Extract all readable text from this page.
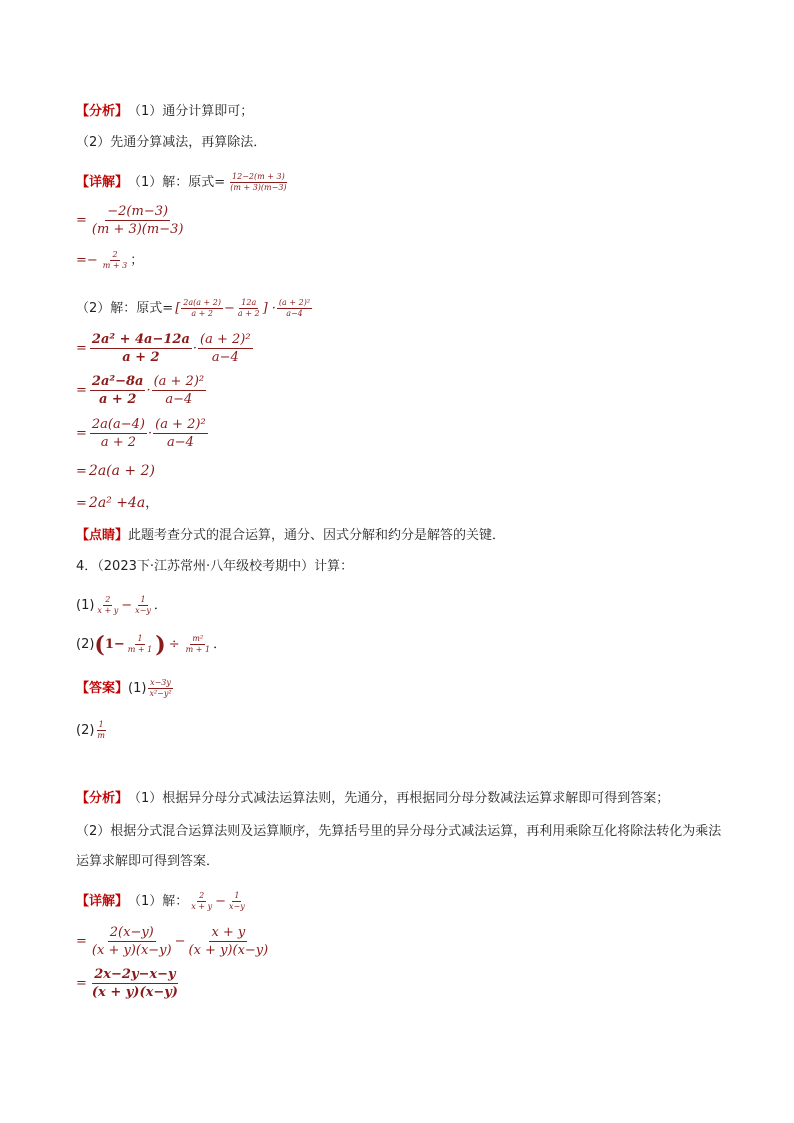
【分析】 （1）通分计算即可；
（2）先通分算减法，再算除法．
【详解】 （1）解：原式 = $\frac{12-2(m + 3)}{(m + 3)(m-3)}$
= $\frac{-2(m-3)}{(m + 3)(m-3)}$
=− $\frac{2}{m + 3}$ ；
（2）解：原式 = [ $\frac{2a(a + 2)}{a + 2} - \frac{12a}{a + 2}$ ] · $\frac{\text{(a + 2)²}}{a-4}$
= $\frac{\text{2a² + 4a−12a}}{a + 2} \cdot \frac{\text{(a + 2)²}}{a-4}$
= $\frac{\text{2a²−8a}}{a + 2} \cdot \frac{\text{(a + 2)²}}{a-4}$
= $\frac{2a(a-4)}{a + 2} \cdot \frac{\text{(a + 2)²}}{a-4}$
= 2a(a + 2)
= 2a² +4a ，
【点睛】 此题考查分式的混合运算，通分、因式分解和约分是解答的关键．
4．（2023下·江苏常州·八年级校考期中）计算：
$(1) \frac{2}{x + y} - \frac{1}{x-y}$ ．
(2) ( $1- \frac{1}{m + 1}$ ) ÷ $\frac{\text{m²}}{m + 1}$ ．
【答案】 $(1) \frac{x-3y}{\text{x²−y²}}$
$(2) \frac{1}{m}$
【分析】 （1）根据异分母分式减法运算法则，先通分，再根据同分母分数减法运算求解即可得到答案；
（2）根据分式混合运算法则及运算顺序，先算括号里的异分母分式减法运算，再利用乘除互化将除法转化为乘法运算求解即可得到答案．
【详解】 （1）解： $\frac{2}{x + y} - \frac{1}{x-y}$
= $\frac{2(x-y)}{(x + y)(x-y)} - \frac{x + y}{(x + y)(x-y)}$
= $\frac{2x-2y-x-y}{(x + y)(x-y)}$
